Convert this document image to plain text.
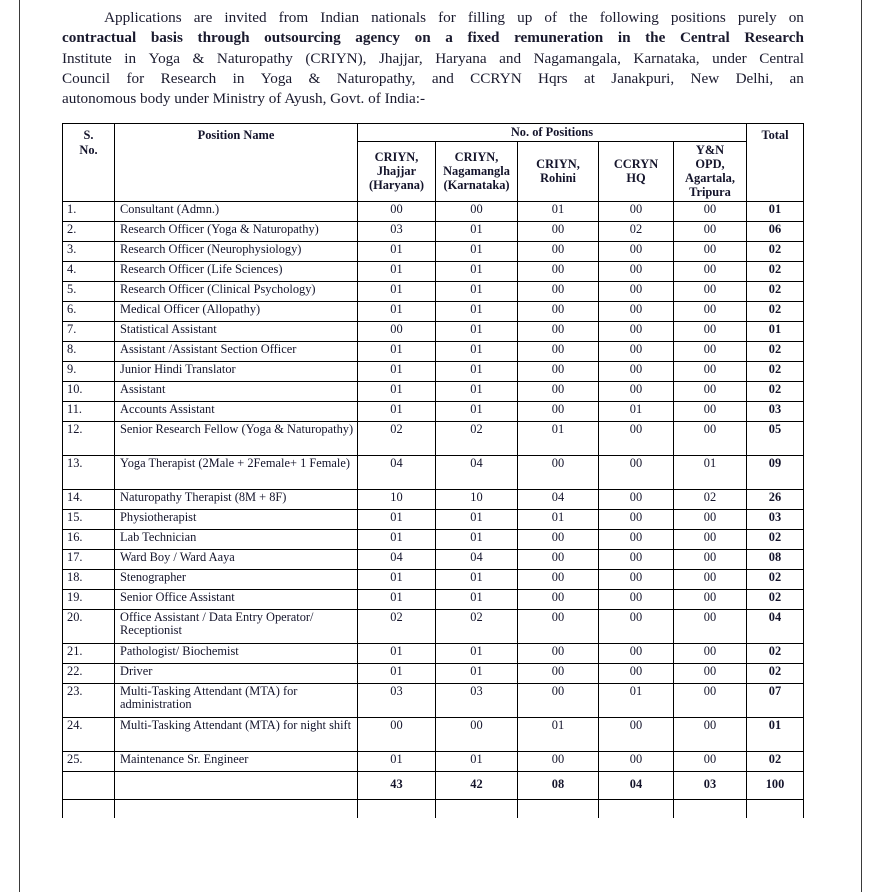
Applications are invited from Indian nationals for filling up of the following positions purely on
contractual basis through outsourcing agency on a fixed remuneration in the Central Research
Institute in Yoga & Naturopathy (CRIYN), Jhajjar, Haryana and Nagamangala, Karnataka, under Central
Council for Research in Yoga & Naturopathy, and CCRYN Hqrs at Janakpuri, New Delhi, an
autonomous body under Ministry of Ayush, Govt. of India:-

S.
No.	Position Name	No. of Positions					Total
		CRIYN,
Jhajjar
(Haryana)	CRIYN,
Nagamangla
(Karnataka)	CRIYN,
Rohini	CCRYN
HQ	Y&N
OPD,
Agartala,
Tripura	
1.	Consultant (Admn.)	00	00	01	00	00	01
2.	Research Officer (Yoga & Naturopathy)	03	01	00	02	00	06
3.	Research Officer (Neurophysiology)	01	01	00	00	00	02
4.	Research Officer (Life Sciences)	01	01	00	00	00	02
5.	Research Officer (Clinical Psychology)	01	01	00	00	00	02
6.	Medical Officer (Allopathy)	01	01	00	00	00	02
7.	Statistical Assistant	00	01	00	00	00	01
8.	Assistant /Assistant Section Officer	01	01	00	00	00	02
9.	Junior Hindi Translator	01	01	00	00	00	02
10.	Assistant	01	01	00	00	00	02
11.	Accounts Assistant	01	01	00	01	00	03
12.	Senior Research Fellow (Yoga & Naturopathy)	02	02	01	00	00	05
13.	Yoga Therapist (2Male + 2Female+ 1 Female)	04	04	00	00	01	09
14.	Naturopathy Therapist (8M + 8F)	10	10	04	00	02	26
15.	Physiotherapist	01	01	01	00	00	03
16.	Lab Technician	01	01	00	00	00	02
17.	Ward Boy / Ward Aaya	04	04	00	00	00	08
18.	Stenographer	01	01	00	00	00	02
19.	Senior Office Assistant	01	01	00	00	00	02
20.	Office Assistant / Data Entry Operator/ Receptionist	02	02	00	00	00	04
21.	Pathologist/ Biochemist	01	01	00	00	00	02
22.	Driver	01	01	00	00	00	02
23.	Multi-Tasking Attendant (MTA) for administration	03	03	00	01	00	07
24.	Multi-Tasking Attendant (MTA) for night shift	00	00	01	00	00	01
25.	Maintenance Sr. Engineer	01	01	00	00	00	02
		43	42	08	04	03	100
